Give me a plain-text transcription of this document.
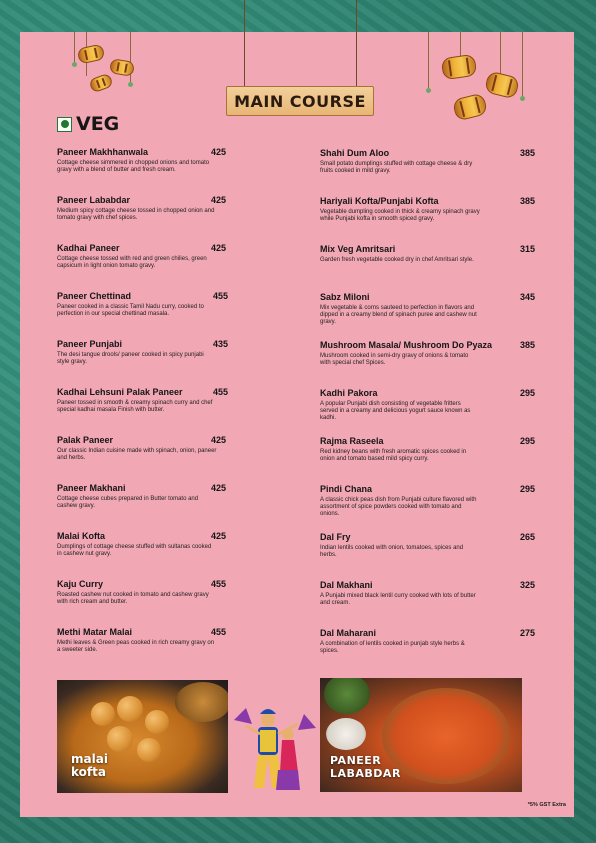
MAIN COURSE
VEG
Paneer Makhhanwala	425
Cottage cheese simmered in chopped onions and tomato gravy with a blend of butter and fresh cream.
Paneer Lababdar	425
Medium spicy cottage cheese tossed in chopped onion and tomato gravy with chef spices.
Kadhai Paneer	425
Cottage cheese tossed with red and green chilies, green capsicum in light onion tomato gravy.
Paneer Chettinad	455
Paneer cooked in a classic Tamil Nadu curry, cooked to perfection in our special chettinad masala.
Paneer Punjabi	435
The desi tangue drools/ paneer cooked in spicy punjabi style gravy.
Kadhai Lehsuni Palak Paneer	455
Paneer tossed in smooth & creamy spinach curry and chef special kadhai masala Finish with butter.
Palak Paneer	425
Our classic Indian cuisine made with spinach, onion, paneer and herbs.
Paneer Makhani	425
Cottage cheese cubes prepared in Butter tomato and cashew gravy.
Malai Kofta	425
Dumplings of cottage cheese stuffed with sultanas cooked in cashew nut gravy.
Kaju Curry	455
Roasted cashew nut cooked in tomato and cashew gravy with rich cream and butter.
Methi Matar Malai	455
Methi leaves & Green peas cooked in rich creamy gravy on a sweeter side.
Shahi Dum Aloo	385
Small potato dumplings stuffed with cottage cheese & dry fruits cooked in mild gravy.
Hariyali Kofta/Punjabi Kofta	385
Vegetable dumpling cooked in thick & creamy spinach gravy while Punjabi kofta in smooth spiced gravy.
Mix Veg Amritsari	315
Garden fresh vegetable cooked dry in chef Amritsari style.
Sabz Miloni	345
Mix vegetable & corns sauteed to perfection in flavors and dipped in a creamy blend of spinach puree and cashew nut gravy.
Mushroom Masala/ Mushroom Do Pyaza	385
Mushroom cooked in semi-dry gravy of onions & tomato with special chef Spices.
Kadhi Pakora	295
A popular Punjabi dish consisting of vegetable fritters served in a creamy and delicious yogurt sauce known as kadhi.
Rajma Raseela	295
Red kidney beans with fresh aromatic spices cooked in onion and tomato based mild spicy curry.
Pindi Chana	295
A classic chick peas dish from Punjabi culture flavored with assortment of spice powders cooked with tomato and onions.
Dal Fry	265
Indian lentils cooked with onion, tomatoes, spices and herbs.
Dal Makhani	325
A Punjabi mixed black lentil curry cooked with lots of butter and cream.
Dal Maharani	275
A combination of lentils cooked in punjab style herbs & spices.
malai kofta
PANEER LABABDAR
*5% GST Extra
